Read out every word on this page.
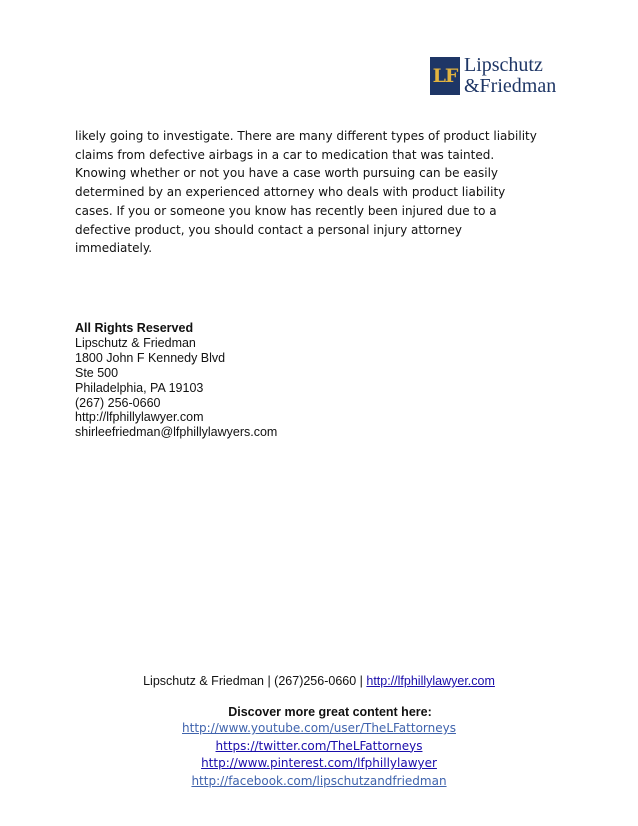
LF Lipschutz
&Friedman

likely going to investigate. There are many different types of product liability
claims from defective airbags in a car to medication that was tainted.
Knowing whether or not you have a case worth pursuing can be easily
determined by an experienced attorney who deals with product liability
cases. If you or someone you know has recently been injured due to a
defective product, you should contact a personal injury attorney
immediately.

All Rights Reserved
Lipschutz & Friedman
1800 John F Kennedy Blvd
Ste 500
Philadelphia, PA 19103
(267) 256-0660
http://lfphillylawyer.com
shirleefriedman@lfphillylawyers.com
Lipschutz & Friedman | (267)256-0660 | http://lfphillylawyer.com
Discover more great content here:
http://www.youtube.com/user/TheLFattorneys
https://twitter.com/TheLFattorneys
http://www.pinterest.com/lfphillylawyer
http://facebook.com/lipschutzandfriedman
